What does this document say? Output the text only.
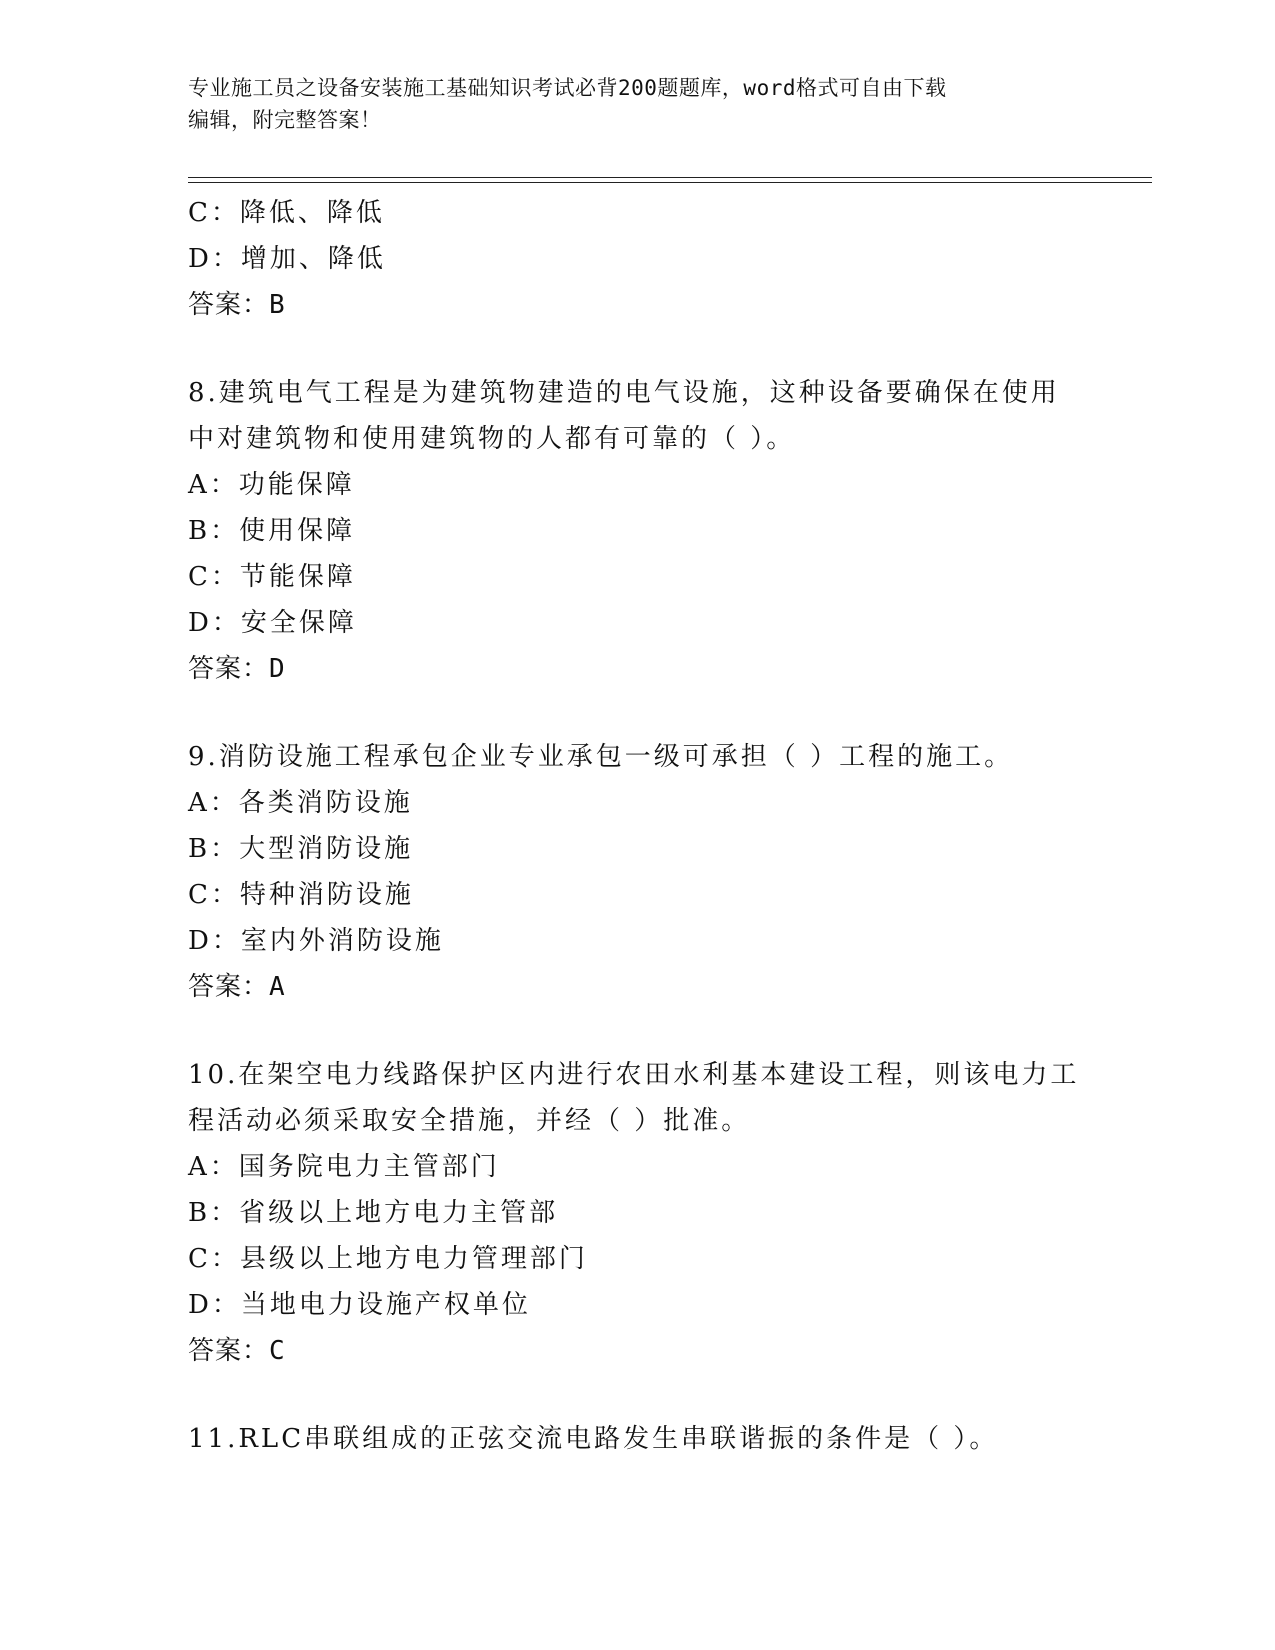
专业施工员之设备安装施工基础知识考试必背200题题库，word格式可自由下载
编辑，附完整答案！
C：降低、降低
D：增加、降低
答案：B
8.建筑电气工程是为建筑物建造的电气设施，这种设备要确保在使用
中对建筑物和使用建筑物的人都有可靠的（ ）。
A：功能保障
B：使用保障
C：节能保障
D：安全保障
答案：D
9.消防设施工程承包企业专业承包一级可承担（ ）工程的施工。
A：各类消防设施
B：大型消防设施
C：特种消防设施
D：室内外消防设施
答案：A
10.在架空电力线路保护区内进行农田水利基本建设工程，则该电力工
程活动必须采取安全措施，并经（ ）批准。
A：国务院电力主管部门
B：省级以上地方电力主管部
C：县级以上地方电力管理部门
D：当地电力设施产权单位
答案：C
11.RLC串联组成的正弦交流电路发生串联谐振的条件是（ ）。
